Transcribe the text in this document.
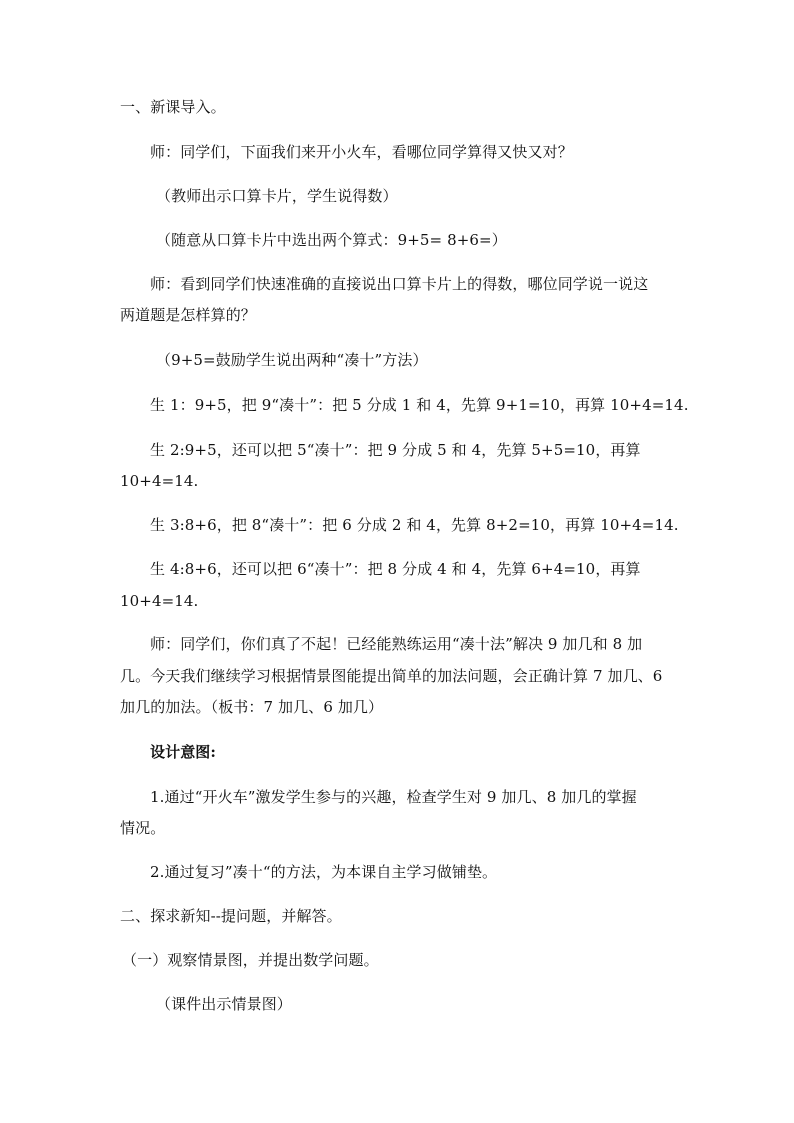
一、新课导入。
师：同学们，下面我们来开小火车，看哪位同学算得又快又对？
（教师出示口算卡片，学生说得数）
（随意从口算卡片中选出两个算式：9+5= 8+6=）
师：看到同学们快速准确的直接说出口算卡片上的得数，哪位同学说一说这
两道题是怎样算的？
（9+5=鼓励学生说出两种“凑十”方法）
生 1：9+5，把 9“凑十”：把 5 分成 1 和 4，先算 9+1=10，再算 10+4=14.
生 2:9+5，还可以把 5“凑十”：把 9 分成 5 和 4，先算 5+5=10，再算
10+4=14.
生 3:8+6，把 8“凑十”：把 6 分成 2 和 4，先算 8+2=10，再算 10+4=14.
生 4:8+6，还可以把 6“凑十”：把 8 分成 4 和 4，先算 6+4=10，再算
10+4=14.
师：同学们，你们真了不起！已经能熟练运用“凑十法”解决 9 加几和 8 加
几。今天我们继续学习根据情景图能提出简单的加法问题，会正确计算 7 加几、6
加几的加法。（板书：7 加几、6 加几）
设计意图:
1.通过“开火车”激发学生参与的兴趣，检查学生对 9 加几、8 加几的掌握
情况。
2.通过复习”凑十“的方法，为本课自主学习做铺垫。
二、探求新知--提问题，并解答。
（一）观察情景图，并提出数学问题。
（课件出示情景图）
